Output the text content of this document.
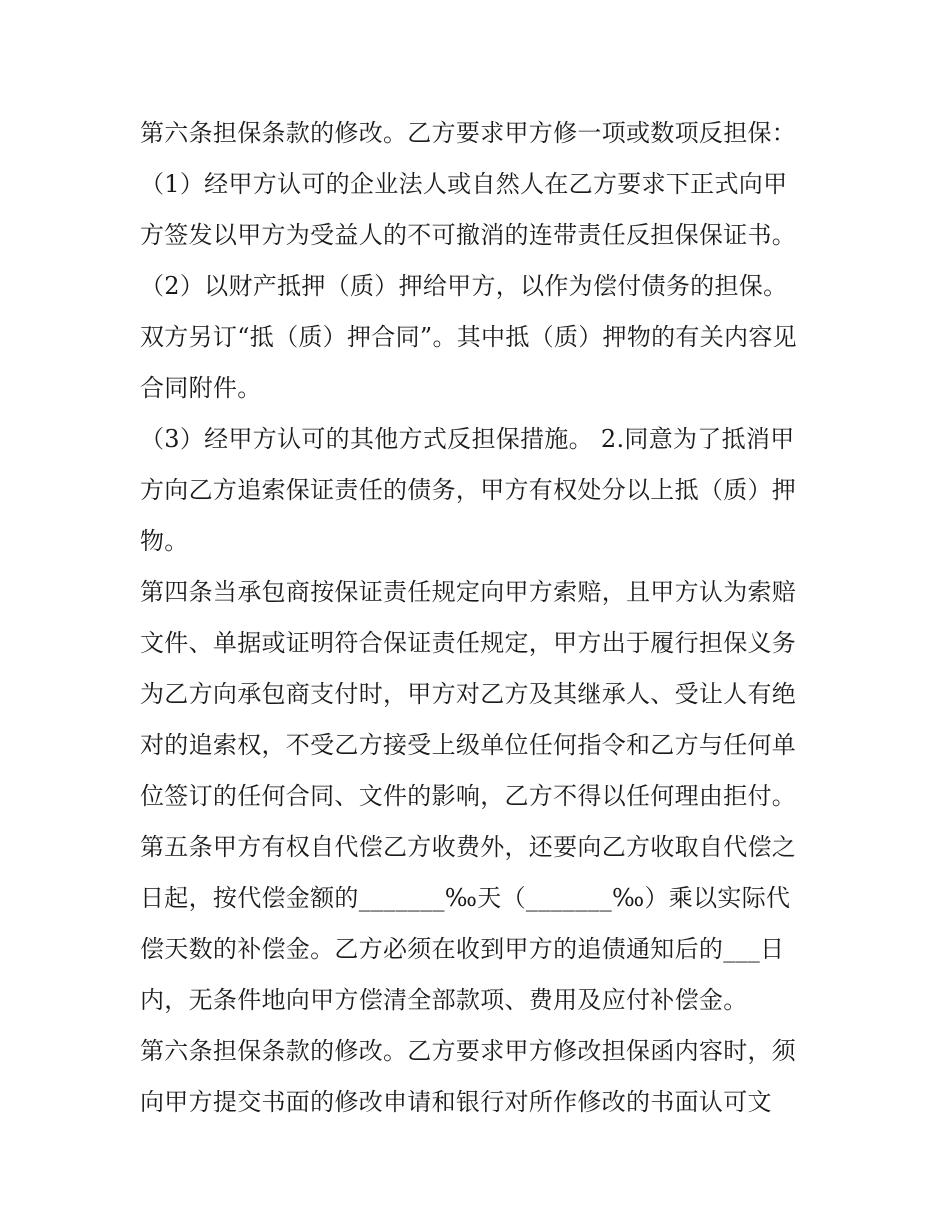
第六条担保条款的修改。乙方要求甲方修一项或数项反担保：
（1）经甲方认可的企业法人或自然人在乙方要求下正式向甲
方签发以甲方为受益人的不可撤消的连带责任反担保保证书。
（2）以财产抵押（质）押给甲方，以作为偿付债务的担保。
双方另订“抵（质）押合同”。其中抵（质）押物的有关内容见
合同附件。
（3）经甲方认可的其他方式反担保措施。 2.同意为了抵消甲
方向乙方追索保证责任的债务，甲方有权处分以上抵（质）押
物。
第四条当承包商按保证责任规定向甲方索赔，且甲方认为索赔
文件、单据或证明符合保证责任规定，甲方出于履行担保义务
为乙方向承包商支付时，甲方对乙方及其继承人、受让人有绝
对的追索权，不受乙方接受上级单位任何指令和乙方与任何单
位签订的任何合同、文件的影响，乙方不得以任何理由拒付。
第五条甲方有权自代偿乙方收费外，还要向乙方收取自代偿之
日起，按代偿金额的_______‰天（_______‰）乘以实际代
偿天数的补偿金。乙方必须在收到甲方的追债通知后的___日
内，无条件地向甲方偿清全部款项、费用及应付补偿金。
第六条担保条款的修改。乙方要求甲方修改担保函内容时，须
向甲方提交书面的修改申请和银行对所作修改的书面认可文
